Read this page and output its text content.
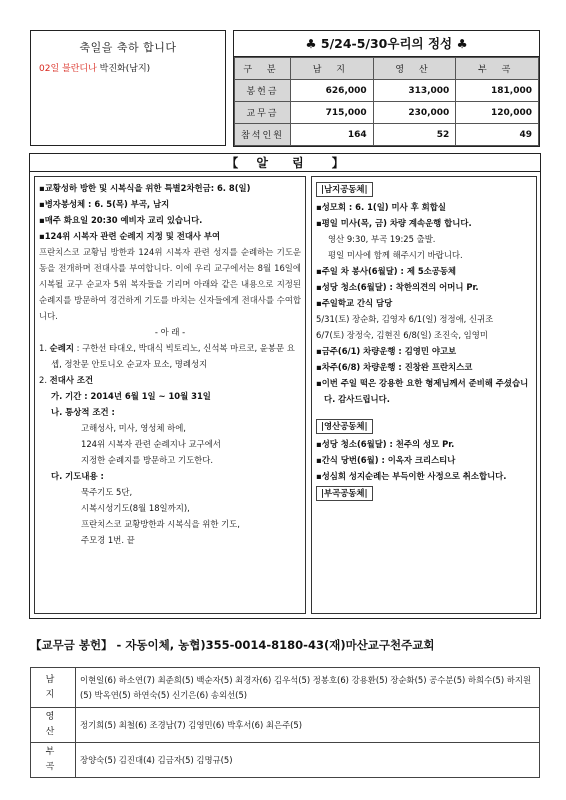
축일을 축하 합니다
02일 블란디나 박진화(남지)
♣ 5/24-5/30우리의 정성 ♣
구 분	남 지	영 산	부 곡
봉헌금	626,000	313,000	181,000
교무금	715,000	230,000	120,000
참석인원	164	52	49
【 알 림 】
▪ 교황성하 방한 및 시복식을 위한 특별2차헌금: 6. 8(일)
▪ 병자봉성체 : 6. 5(목) 부곡, 남지
▪ 매주 화요일 20:30 예비자 교리 있습니다.
▪ 124위 시복자 관련 순례지 지정 및 전대사 부여
프란치스코 교황님 방한과 124위 시복자 관련 성지를 순례하는 기도운동을 전개하며 전대사를 부여합니다. 이에 우리 교구에서는 8월 16일에 시복될 교구 순교자 5위 복자들을 기리며 아래와 같은 내용으로 지정된 순례지를 방문하여 경건하게 기도를 바치는 신자들에게 전대사를 수여합니다.
- 아 래 -
1. 순례지 : 구한선 타대오, 박대식 빅토리노, 신석복 마르코, 윤봉문 요셉, 정찬문 안토니오 순교자 묘소, 명례성지
2. 전대사 조건
가. 기간 : 2014년 6월 1일 ~ 10월 31일
나. 통상적 조건 :
고해성사, 미사, 영성체 하에,
124위 시복자 관련 순례지나 교구에서
지정한 순례지를 방문하고 기도한다.
다. 기도내용 :
묵주기도 5단,
시복시성기도(8월 18일까지),
프란치스코 교황방한과 시복식을 위한 기도,
주모경 1번. 끝
|남지공동체|
▪ 성모회 : 6. 1(일) 미사 후 회합실
▪ 평일 미사(목, 금) 차량 계속운행 합니다.
영산 9:30, 부곡 19:25 출발.
평일 미사에 함께 해주시기 바랍니다.
▪ 주일 차 봉사(6월달) : 제 5소공동체
▪ 성당 청소(6월달) : 착한의견의 어머니 Pr.
▪ 주일학교 간식 담당
5/31(토) 장순화, 김영자 6/1(일) 정정애, 신귀조
6/7(토) 장정숙, 김현진 6/8(일) 조진숙, 임영미
▪ 금주(6/1) 차량운행 : 김영민 야고보
▪ 차주(6/8) 차량운행 : 진창완 프란치스코
▪ 이번 주일 떡은 강용한 요한 형제님께서 준비해 주셨습니다. 감사드립니다.
|영산공동체|
▪ 성당 청소(6월달) : 천주의 성모 Pr.
▪ 간식 당번(6월) : 이옥자 크리스티나
▪ 성심회 성지순례는 부득이한 사정으로 취소합니다.
|부곡공동체|
【교무금 봉헌】 - 자동이체, 농협)355-0014-8180-43(재)마산교구천주교회
남 지	이현일(6) 하소연(7) 최준희(5) 백순자(5) 최경자(6) 김우석(5) 정봉호(6) 강용환(5) 장순화(5) 공수분(5) 하희수(5) 하지원(5) 박옥연(5) 하연숙(5) 신기은(6) 송외선(5)
영 산	정기희(5) 최철(6) 조경남(7) 김영민(6) 박후서(6) 최은주(5)
부 곡	장양숙(5) 김진대(4) 김금자(5) 김명규(5)
